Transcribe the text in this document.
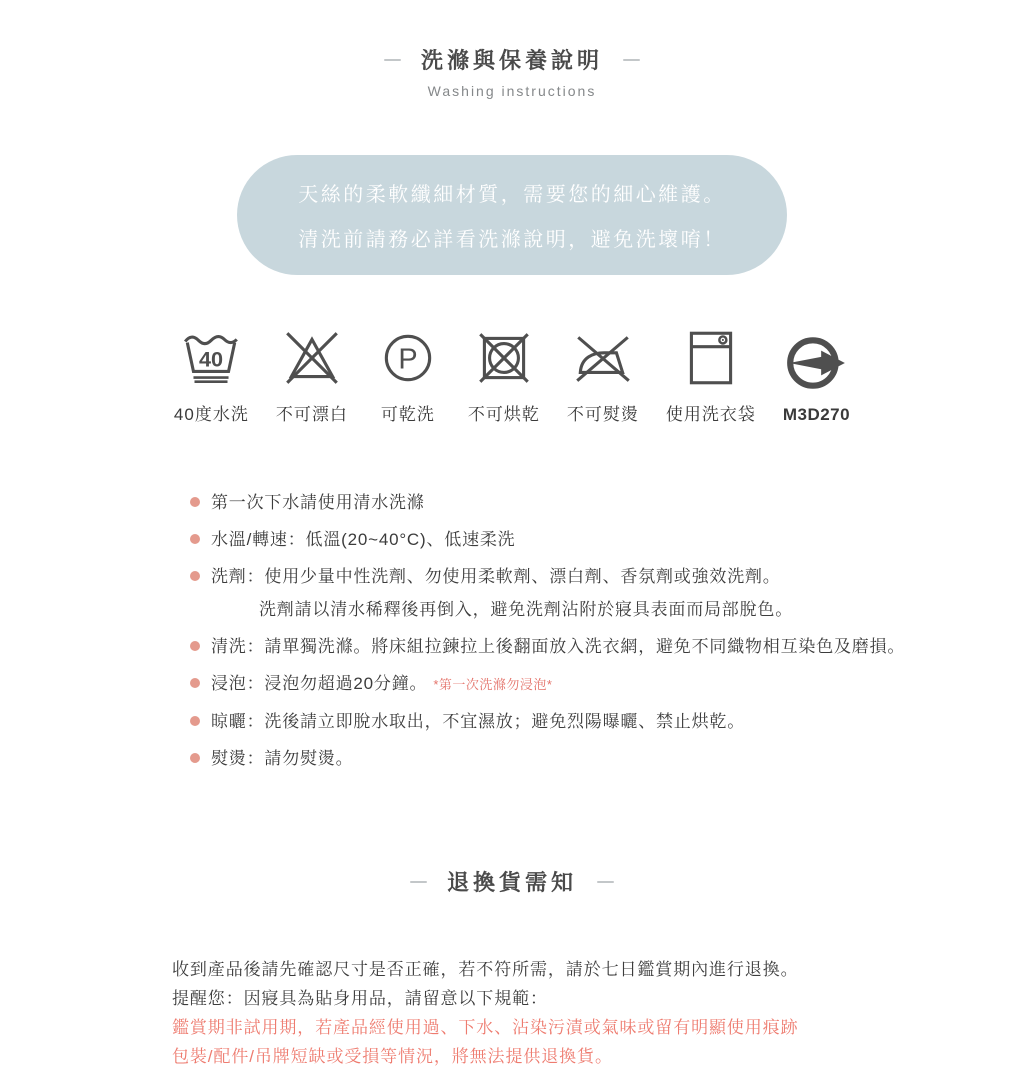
洗滌與保養說明
Washing instructions
天絲的柔軟纖細材質，需要您的細心維護。
清洗前請務必詳看洗滌說明，避免洗壞唷！
40
40度水洗 不可漂白
P
可乾洗 不可烘乾 不可熨燙 使用洗衣袋 M3D270
第一次下水請使用清水洗滌
水溫/轉速：低溫(20~40°C)、低速柔洗
洗劑：使用少量中性洗劑、勿使用柔軟劑、漂白劑、香氛劑或強效洗劑。
洗劑請以清水稀釋後再倒入，避免洗劑沾附於寢具表面而局部脫色。
清洗：請單獨洗滌。將床組拉鍊拉上後翻面放入洗衣網，避免不同織物相互染色及磨損。
浸泡：浸泡勿超過20分鐘。 *第一次洗滌勿浸泡*
晾曬：洗後請立即脫水取出，不宜濕放；避免烈陽曝曬、禁止烘乾。
熨燙：請勿熨燙。
退換貨需知
收到產品後請先確認尺寸是否正確，若不符所需，請於七日鑑賞期內進行退換。
提醒您：因寢具為貼身用品，請留意以下規範：
鑑賞期非試用期，若產品經使用過、下水、沾染污漬或氣味或留有明顯使用痕跡
包裝/配件/吊牌短缺或受損等情況，將無法提供退換貨。
